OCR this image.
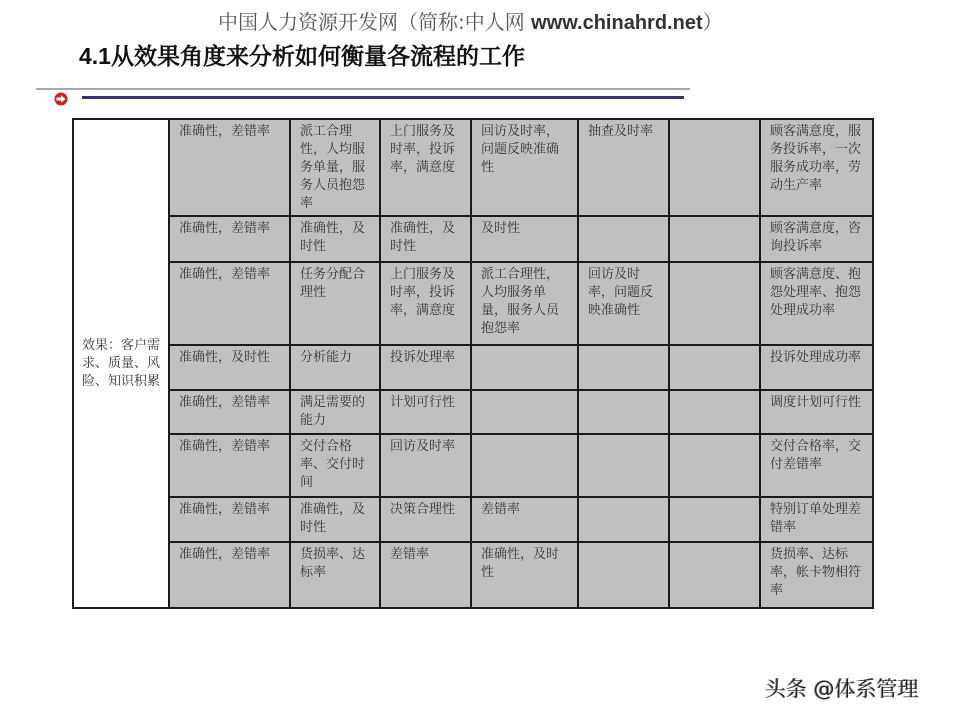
中国人力资源开发网（简称:中人网 www.chinahrd.net）
4.1从效果角度来分析如何衡量各流程的工作
效果：客户需求、质量、风险、知识积累	准确性，差错率	派工合理性，人均服务单量，服务人员抱怨率	上门服务及时率，投诉率，满意度	回访及时率，问题反映准确性	抽查及时率		顾客满意度，服务投诉率，一次服务成功率，劳动生产率
	准确性，差错率	准确性，及时性	准确性，及时性	及时性			顾客满意度，咨询投诉率
	准确性，差错率	任务分配合理性	上门服务及时率，投诉率，满意度	派工合理性，人均服务单量，服务人员抱怨率	回访及时率，问题反映准确性		顾客满意度、抱怨处理率、抱怨处理成功率
	准确性，及时性	分析能力	投诉处理率				投诉处理成功率
	准确性，差错率	满足需要的能力	计划可行性				调度计划可行性
	准确性，差错率	交付合格率、交付时间	回访及时率				交付合格率，交付差错率
	准确性，差错率	准确性，及时性	决策合理性	差错率			特别订单处理差错率
	准确性，差错率	货损率、达标率	差错率	准确性，及时性			货损率、达标率，帐卡物相符率
头条 @体系管理
